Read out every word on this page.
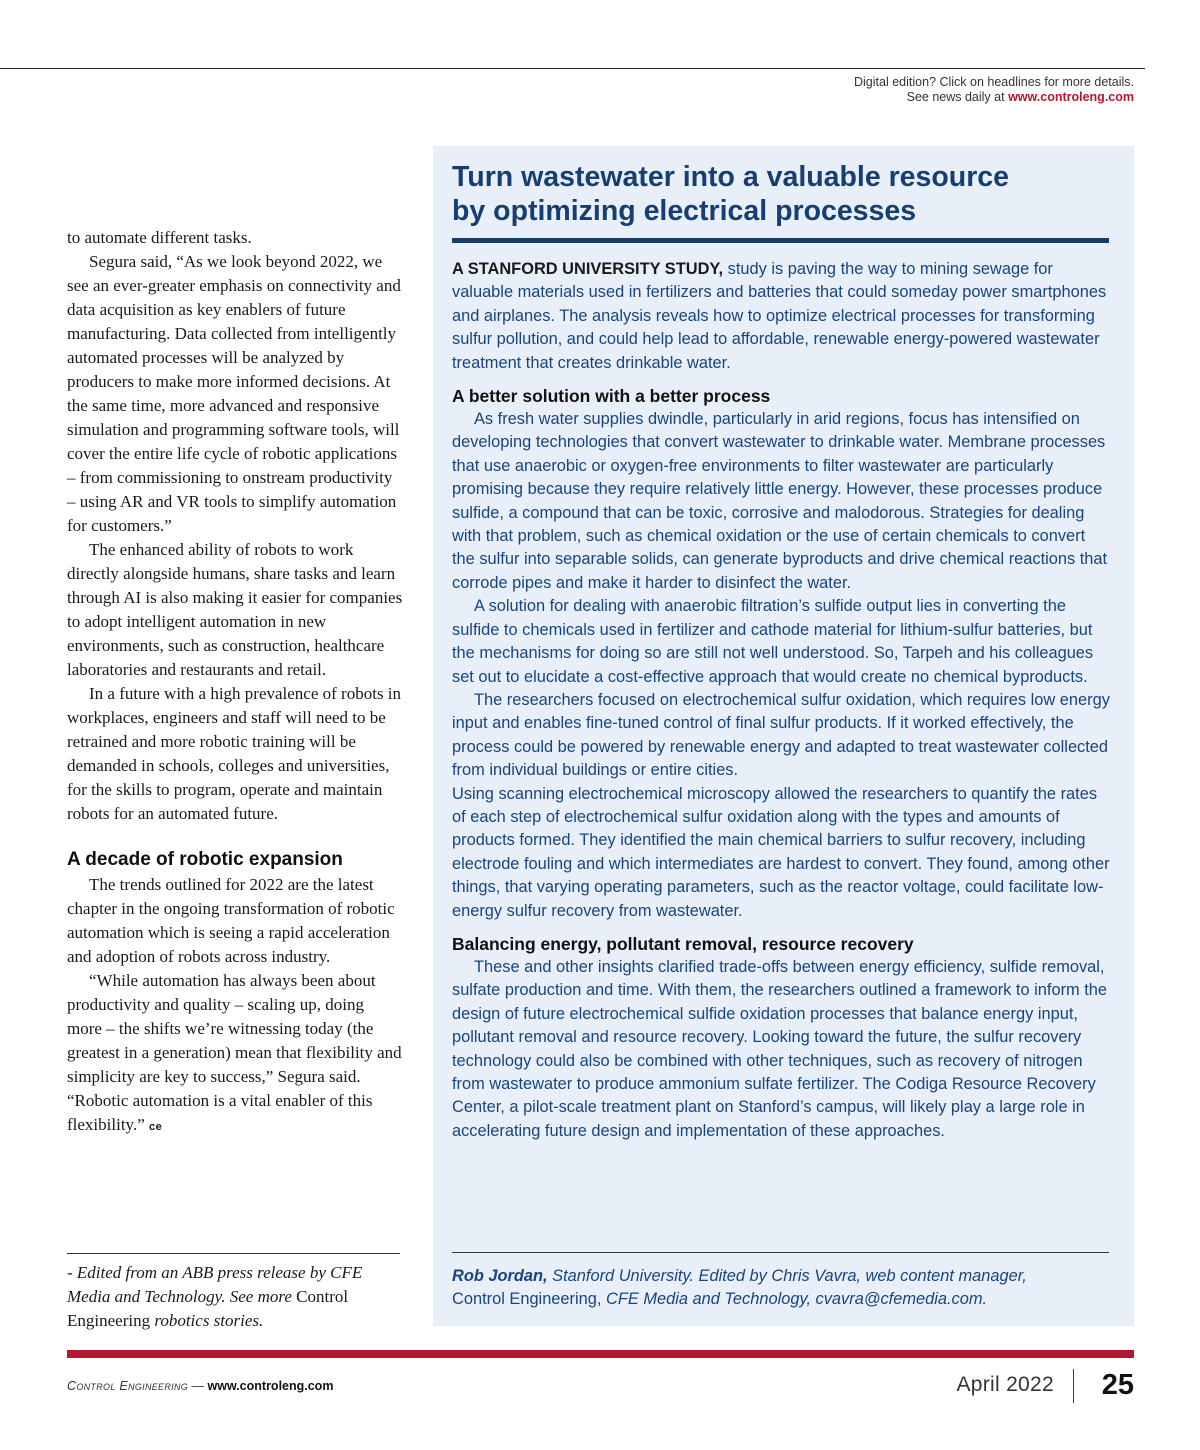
Digital edition? Click on headlines for more details.
See news daily at www.controleng.com

to automate different tasks.

Segura said, “As we look beyond 2022, we see an ever-greater emphasis on connectivity and data acquisition as key enablers of future manufacturing. Data collected from intelligently automated processes will be analyzed by producers to make more informed decisions. At the same time, more advanced and responsive simulation and programming software tools, will cover the entire life cycle of robotic applications – from commissioning to onstream productivity – using AR and VR tools to simplify automation for customers.”

The enhanced ability of robots to work directly alongside humans, share tasks and learn through AI is also making it easier for companies to adopt intelligent automation in new environments, such as construction, healthcare laboratories and restaurants and retail.

In a future with a high prevalence of robots in workplaces, engineers and staff will need to be retrained and more robotic training will be demanded in schools, colleges and universities, for the skills to program, operate and maintain robots for an automated future.

A decade of robotic expansion

The trends outlined for 2022 are the latest chapter in the ongoing transformation of robotic automation which is seeing a rapid acceleration and adoption of robots across industry.

“While automation has always been about productivity and quality – scaling up, doing more – the shifts we’re witnessing today (the greatest in a generation) mean that flexibility and simplicity are key to success,” Segura said. “Robotic automation is a vital enabler of this flexibility.” ce

- Edited from an ABB press release by CFE Media and Technology. See more Control Engineering robotics stories.
Turn wastewater into a valuable resource
by optimizing electrical processes

A STANFORD UNIVERSITY STUDY, study is paving the way to mining sewage for valuable materials used in fertilizers and batteries that could someday power smartphones and airplanes. The analysis reveals how to optimize electrical processes for transforming sulfur pollution, and could help lead to affordable, renewable energy-powered wastewater treatment that creates drinkable water.

A better solution with a better process

As fresh water supplies dwindle, particularly in arid regions, focus has intensified on developing technologies that convert wastewater to drinkable water. Membrane processes that use anaerobic or oxygen-free environments to filter wastewater are particularly promising because they require relatively little energy. However, these processes produce sulfide, a compound that can be toxic, corrosive and malodorous. Strategies for dealing with that problem, such as chemical oxidation or the use of certain chemicals to convert the sulfur into separable solids, can generate byproducts and drive chemical reactions that corrode pipes and make it harder to disinfect the water.

A solution for dealing with anaerobic filtration’s sulfide output lies in converting the sulfide to chemicals used in fertilizer and cathode material for lithium-sulfur batteries, but the mechanisms for doing so are still not well understood. So, Tarpeh and his colleagues set out to elucidate a cost-effective approach that would create no chemical byproducts.

The researchers focused on electrochemical sulfur oxidation, which requires low energy input and enables fine-tuned control of final sulfur products. If it worked effectively, the process could be powered by renewable energy and adapted to treat wastewater collected from individual buildings or entire cities.

Using scanning electrochemical microscopy allowed the researchers to quantify the rates of each step of electrochemical sulfur oxidation along with the types and amounts of products formed. They identified the main chemical barriers to sulfur recovery, including electrode fouling and which intermediates are hardest to convert. They found, among other things, that varying operating parameters, such as the reactor voltage, could facilitate low-energy sulfur recovery from wastewater.

Balancing energy, pollutant removal, resource recovery

These and other insights clarified trade-offs between energy efficiency, sulfide removal, sulfate production and time. With them, the researchers outlined a framework to inform the design of future electrochemical sulfide oxidation processes that balance energy input, pollutant removal and resource recovery. Looking toward the future, the sulfur recovery technology could also be combined with other techniques, such as recovery of nitrogen from wastewater to produce ammonium sulfate fertilizer. The Codiga Resource Recovery Center, a pilot-scale treatment plant on Stanford’s campus, will likely play a large role in accelerating future design and implementation of these approaches.

Rob Jordan, Stanford University. Edited by Chris Vavra, web content manager,
Control Engineering, CFE Media and Technology, cvavra@cfemedia.com.
Control Engineering — www.controleng.com	April 2022 25
